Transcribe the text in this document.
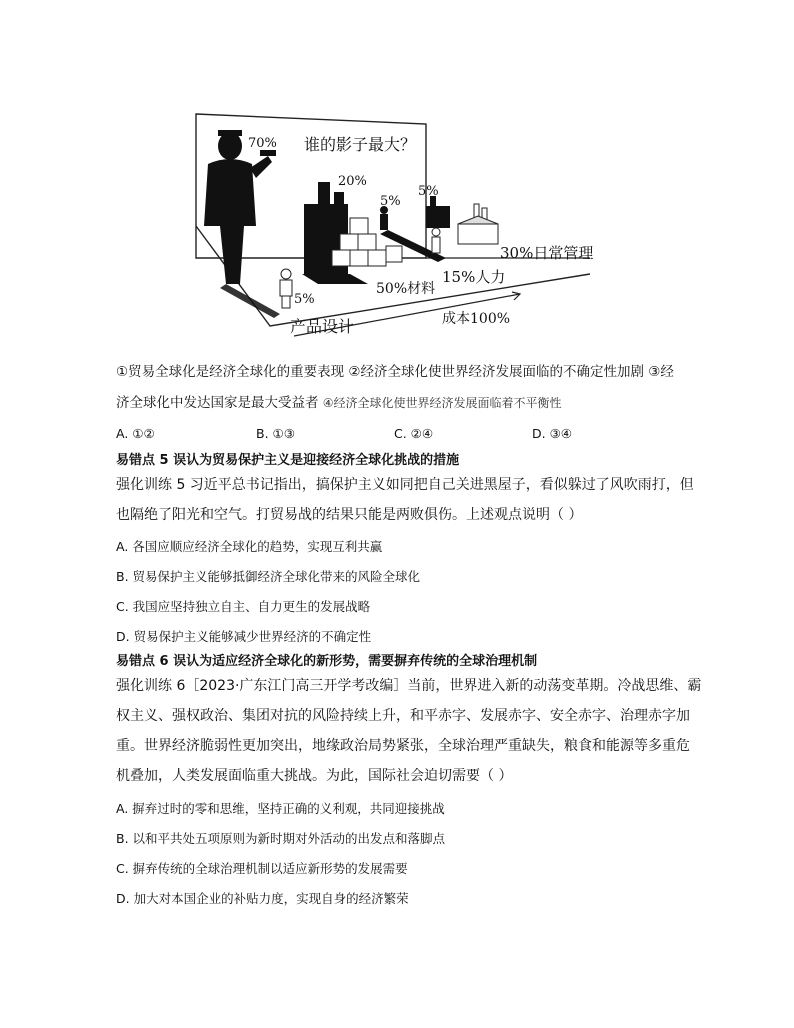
谁的影子最大？
70%
20%
5%
5%
5%
30%日常管理
15%人力
50%材料
产品设计	成本100%
①贸易全球化是经济全球化的重要表现 ②经济全球化使世界经济发展面临的不确定性加剧 ③经
济全球化中发达国家是最大受益者 ④经济全球化使世界经济发展面临着不平衡性
A. ①②	B. ①③	C. ②④	D. ③④
易错点 5 误认为贸易保护主义是迎接经济全球化挑战的措施
强化训练 5 习近平总书记指出，搞保护主义如同把自己关进黑屋子，看似躲过了风吹雨打，但
也隔绝了阳光和空气。打贸易战的结果只能是两败俱伤。上述观点说明（ ）
A. 各国应顺应经济全球化的趋势，实现互利共赢
B. 贸易保护主义能够抵御经济全球化带来的风险全球化
C. 我国应坚持独立自主、自力更生的发展战略
D. 贸易保护主义能够减少世界经济的不确定性
易错点 6 误认为适应经济全球化的新形势，需要摒弃传统的全球治理机制
强化训练 6［2023·广东江门高三开学考改编］当前，世界进入新的动荡变革期。冷战思维、霸
权主义、强权政治、集团对抗的风险持续上升，和平赤字、发展赤字、安全赤字、治理赤字加
重。世界经济脆弱性更加突出，地缘政治局势紧张，全球治理严重缺失，粮食和能源等多重危
机叠加，人类发展面临重大挑战。为此，国际社会迫切需要（ ）
A. 摒弃过时的零和思维，坚持正确的义利观，共同迎接挑战
B. 以和平共处五项原则为新时期对外活动的出发点和落脚点
C. 摒弃传统的全球治理机制以适应新形势的发展需要
D. 加大对本国企业的补贴力度，实现自身的经济繁荣
